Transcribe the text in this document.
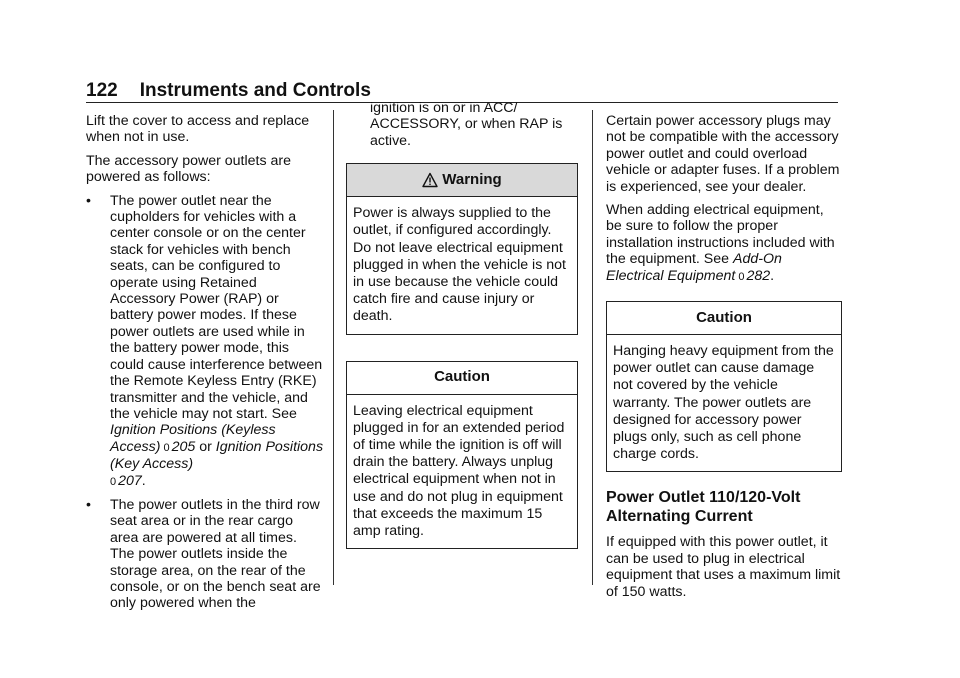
122 Instruments and Controls

Lift the cover to access and replace when not in use.

The accessory power outlets are powered as follows:

•	The power outlet near the cupholders for vehicles with a center console or on the center stack for vehicles with bench seats, can be configured to operate using Retained Accessory Power (RAP) or battery power modes. If these power outlets are used while in the battery power mode, this could cause interference between the Remote Keyless Entry (RKE) transmitter and the vehicle, and the vehicle may not start. See Ignition Positions (Keyless Access) 0 205 or Ignition Positions (Key Access)
0 207.
•	The power outlets in the third row seat area or in the rear cargo area are powered at all times. The power outlets inside the storage area, on the rear of the console, or on the bench seat are only powered when the
ignition is on or in ACC/ ACCESSORY, or when RAP is active.
Warning
Power is always supplied to the outlet, if configured accordingly. Do not leave electrical equipment plugged in when the vehicle is not in use because the vehicle could catch fire and cause injury or death.
Caution
Leaving electrical equipment plugged in for an extended period of time while the ignition is off will drain the battery. Always unplug electrical equipment when not in use and do not plug in equipment that exceeds the maximum 15 amp rating.

Certain power accessory plugs may not be compatible with the accessory power outlet and could overload vehicle or adapter fuses. If a problem is experienced, see your dealer.

When adding electrical equipment, be sure to follow the proper installation instructions included with the equipment. See Add-On Electrical Equipment 0 282.

Caution
Hanging heavy equipment from the power outlet can cause damage not covered by the vehicle warranty. The power outlets are designed for accessory power plugs only, such as cell phone charge cords.
Power Outlet 110/120-Volt Alternating Current

If equipped with this power outlet, it can be used to plug in electrical equipment that uses a maximum limit of 150 watts.
